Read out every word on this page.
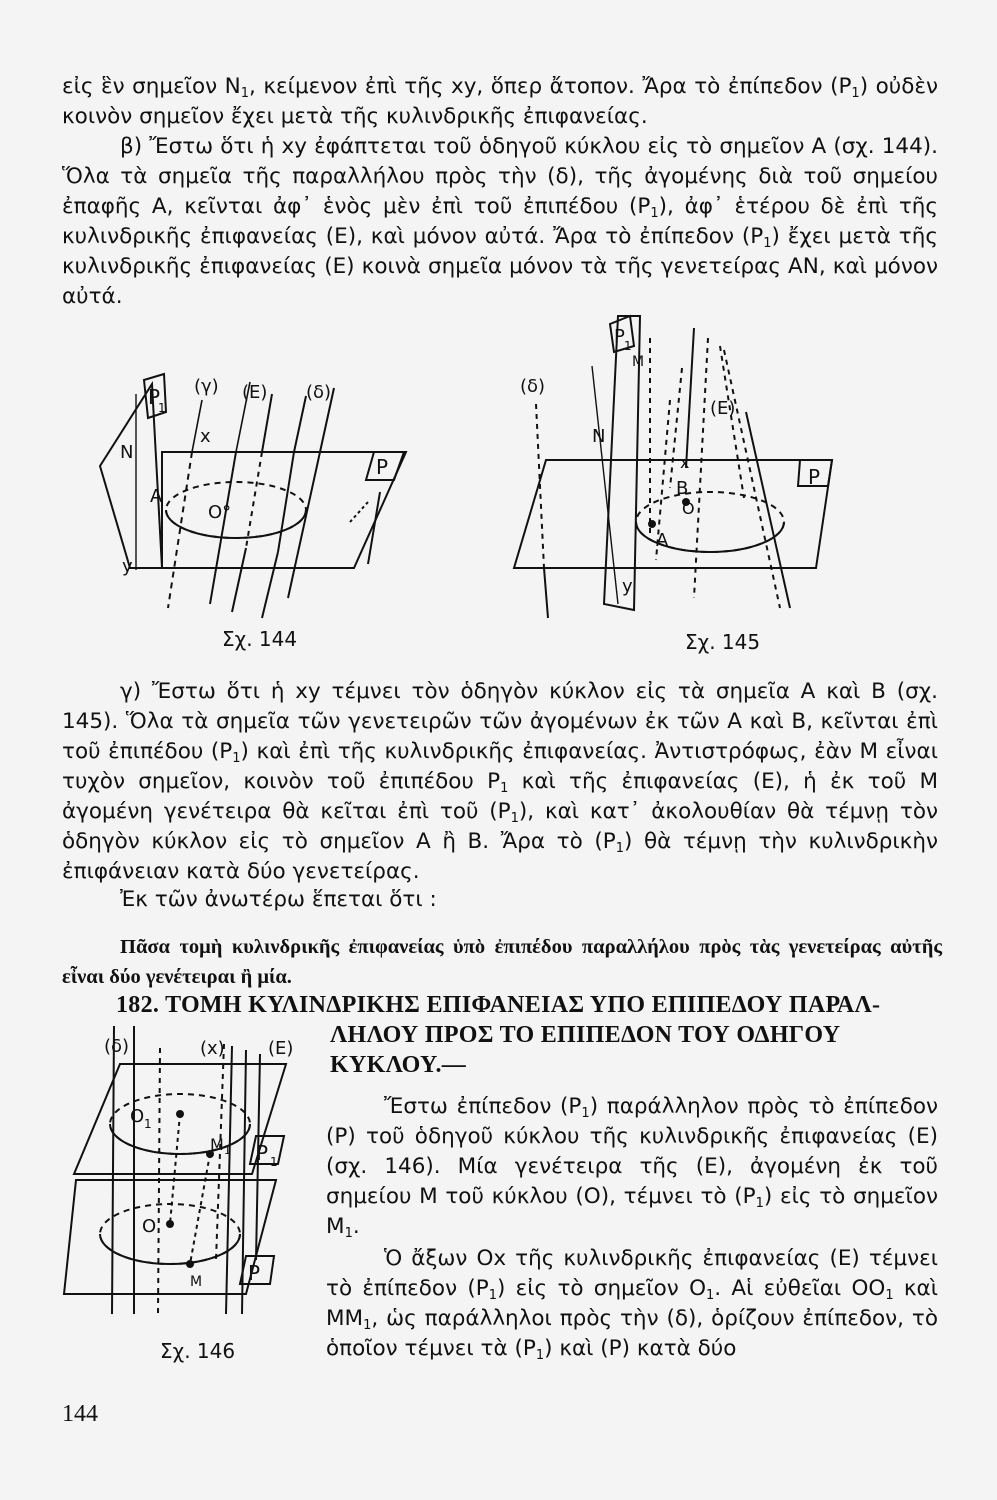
εἰς ἓν σημεῖον $N_1$, κείμενον ἐπὶ τῆς xy, ὅπερ ἄτοπον. Ἄρα τὸ ἐπίπεδον $(P_1)$ οὐδὲν κοινὸν σημεῖον ἔχει μετὰ τῆς κυλινδρικῆς ἐπιφανείας.

β) Ἔστω ὅτι ἡ xy ἐφάπτεται τοῦ ὁδηγοῦ κύκλου εἰς τὸ σημεῖον A (σχ. 144). Ὅλα τὰ σημεῖα τῆς παραλλήλου πρὸς τὴν (δ), τῆς ἀγομένης διὰ τοῦ σημείου ἐπαφῆς A, κεῖνται ἀφ᾽ ἑνὸς μὲν ἐπὶ τοῦ ἐπιπέδου $(P_1)$, ἀφ᾽ ἑτέρου δὲ ἐπὶ τῆς κυλινδρικῆς ἐπιφανείας (E), καὶ μόνον αὐτά. Ἄρα τὸ ἐπίπεδον $(P_1)$ ἔχει μετὰ τῆς κυλινδρικῆς ἐπιφανείας (E) κοινὰ σημεῖα μόνον τὰ τῆς γενετείρας AN, καὶ μόνον αὐτά.

P
1
(γ) (E) (δ)
x
N
A
O°
y
P
Σχ. 144
(δ)
P 1
M
(E)
N
x
B
O
A
y
P
Σχ. 145

γ) Ἔστω ὅτι ἡ xy τέμνει τὸν ὁδηγὸν κύκλον εἰς τὰ σημεῖα A καὶ B (σχ. 145). Ὅλα τὰ σημεῖα τῶν γενετειρῶν τῶν ἀγομένων ἐκ τῶν A καὶ B, κεῖνται ἐπὶ τοῦ ἐπιπέδου $(P_1)$ καὶ ἐπὶ τῆς κυλινδρικῆς ἐπιφανείας. Ἀντιστρόφως, ἐὰν M εἶναι τυχὸν σημεῖον, κοινὸν τοῦ ἐπιπέδου $P_1$ καὶ τῆς ἐπιφανείας (E), ἡ ἐκ τοῦ M ἀγομένη γενέτειρα θὰ κεῖται ἐπὶ τοῦ $(P_1)$, καὶ κατ᾽ ἀκολουθίαν θὰ τέμνῃ τὸν ὁδηγὸν κύκλον εἰς τὸ σημεῖον A ἢ B. Ἄρα τὸ $(P_1)$ θὰ τέμνῃ τὴν κυλινδρικὴν ἐπιφάνειαν κατὰ δύο γενετείρας.

Ἐκ τῶν ἀνωτέρω ἕπεται ὅτι :

Πᾶσα τομὴ κυλινδρικῆς ἐπιφανείας ὑπὸ ἐπιπέδου παραλλήλου πρὸς τὰς γενετείρας αὐτῆς εἶναι δύο γενέτειραι ἢ μία.

182. ΤΟΜΗ ΚΥΛΙΝΔΡΙΚΗΣ ΕΠΙΦΑΝΕΙΑΣ ΥΠΟ ΕΠΙΠΕΔΟΥ ΠΑΡΑΛ-

ΛΗΛΟΥ ΠΡΟΣ ΤΟ ΕΠΙΠΕΔΟΝ ΤΟΥ ΟΔΗΓΟΥ

ΚΥΚΛΟΥ.—

(δ)	(x) (E)
O 1
M 1 P 1
O
M P
Σχ. 146

Ἔστω ἐπίπεδον $(P_1)$ παράλληλον πρὸς τὸ ἐπίπεδον (P) τοῦ ὁδηγοῦ κύκλου τῆς κυλινδρικῆς ἐπιφανείας (E) (σχ. 146). Μία γενέτειρα τῆς (E), ἀγομένη ἐκ τοῦ σημείου M τοῦ κύκλου (O), τέμνει τὸ $(P_1)$ εἰς τὸ σημεῖον $M_1$.

Ὁ ἄξων Ox τῆς κυλινδρικῆς ἐπιφανείας (E) τέμνει τὸ ἐπίπεδον $(P_1)$ εἰς τὸ σημεῖον $O_1$. Αἱ εὐθεῖαι $OO_1$ καὶ $MM_1$, ὡς παράλληλοι πρὸς τὴν (δ), ὁρίζουν ἐπίπεδον, τὸ ὁποῖον τέμνει τὰ $(P_1)$ καὶ (P) κατὰ δύο

144
